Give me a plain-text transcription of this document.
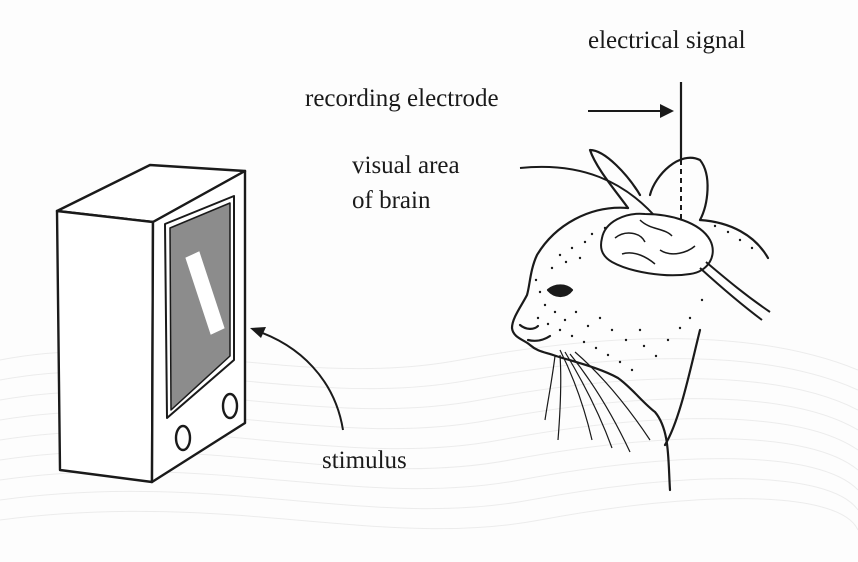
electrical signal
recording electrode
visual area
of brain
stimulus
